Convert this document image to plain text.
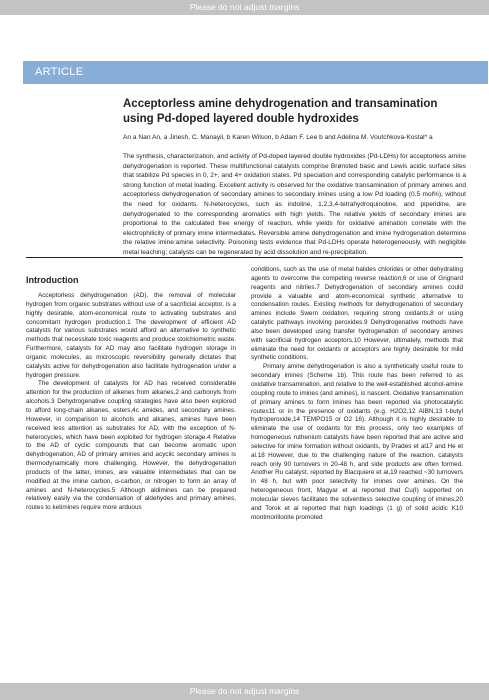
Please do not adjust margins
ARTICLE
Acceptorless amine dehydrogenation and transamination using Pd-doped layered double hydroxides
An a Nan An, a Jinesh, C. Manayil, b Karen Wilson, b Adam F. Lee b and Adelina M. Voutchkova-Kostal* a
The synthesis, characterization, and activity of Pd-doped layered double hydroxides (Pd-LDHs) for acceptorless amine dehydrogenation is reported. These multifunctional catalysts comprise Brønsted basic and Lewis acidic surface sites that stabilize Pd species in 0, 2+, and 4+ oxidation states. Pd speciation and corresponding catalytic performance is a strong function of metal loading. Excellent activity is observed for the oxidative transamination of primary amines and acceptorless dehydrogenation of secondary amines to secondary imines using a low Pd loading (0.5 mol%), without the need for oxidants. N-heterocycles, such as indoline, 1,2,3,4-tetrahydroquinoline, and piperidine, are dehydrogenated to the corresponding aromatics with high yields. The relative yields of secondary imines are proportional to the calculated free energy of reaction, while yields for oxidative amination correlate with the electrophilicity of primary imine intermediates. Reversible amine dehydrogenation and imine hydrogenation determine the relative imine:amine selectivity. Poisoning tests evidence that Pd-LDHs operate heterogeneously, with negligible metal leaching; catalysts can be regenerated by acid dissolution and re-precipitation.
Introduction

Acceptorless dehydrogenation (AD), the removal of molecular hydrogen from organic substrates without use of a sacrificial acceptor, is a highly desirable, atom-economical route to activating substrates and concomitant hydrogen production.1 The development of efficient AD catalysts for various substrates would afford an alternative to synthetic methods that necessitate toxic reagents and produce stoichiometric waste. Furthermore, catalysts for AD may also facilitate hydrogen storage in organic molecules, as microscopic reversibility generally dictates that catalysts active for dehydrogenation also facilitate hydrogenation under a hydrogen pressure.

The development of catalysts for AD has received considerable attention for the production of alkenes from alkanes,2 and carbonyls from alcohols.3 Dehydrogenative coupling strategies have also been explored to afford long-chain alkanes, esters,4c amides, and secondary amines. However, in comparison to alcohols and alkanes, amines have been received less attention as substrates for AD, with the exception of N-heterocycles, which have been exploited for hydrogen storage.4 Relative to the AD of cyclic compounds that can become aromatic upon dehydrogenation, AD of primary amines and acyclic secondary amines is thermodynamically more challenging. However, the dehydrogenation products of the latter, imines, are valuable intermediates that can be modified at the imine carbon, α-carbon, or nitrogen to form an array of amines and N-heterocycles.5 Although aldimines can be prepared relatively easily via the condensation of aldehydes and primary amines, routes to ketimines require more arduous

conditions, such as the use of metal halides chlorides or other dehydrating agents to overcome the competing reverse reaction,6 or use of Grignard reagents and nitriles.7 Dehydrogenation of secondary amines could provide a valuable and atom-economical synthetic alternative to condensation routes. Existing methods for dehydrogenation of secondary amines include Swern oxidation, requiring strong oxidants,8 or using catalytic pathways involving peroxides.9 Dehydrogenative methods have also been developed using transfer hydrogenation of secondary amines with sacrificial hydrogen acceptors.10 However, ultimately, methods that eliminate the need for oxidants or acceptors are highly desirable for mild synthetic conditions.

Primary amine dehydrogenation is also a synthetically useful route to secondary imines (Scheme 1b). This route has been referred to as oxidative transamination, and relative to the well-established alcohol-amine coupling route to imines (and amines), is nascent. Oxidative transamination of primary amines to form imines has been reported via photocatalytic routes11 or in the presence of oxidants (e.g. H2O2,12 AIBN,13 t-butyl hydroperoxide,14 TEMPO15 or O2 16). Although it is highly desirable to eliminate the use of oxidants for this process, only two examples of homogeneous ruthenium catalysts have been reported that are active and selective for imine formation without oxidants, by Prades et al17 and He et al.18 However, due to the challenging nature of the reaction, catalysts reach only 90 turnovers in 20-48 h, and side products are often formed. Another Ru catalyst, reported by Blacquiere et al,19 reached ~30 turnovers in 48 h, but with poor selectivity for imines over amines. On the heterogeneous front, Magyar et al reported that Cu(I) supported on molecular sieves facilitates the solventless selective coupling of imines,20 and Torok et al reported that high loadings (1 g) of solid acidic K10 montmorillonite promoted

Please do not adjust margins
